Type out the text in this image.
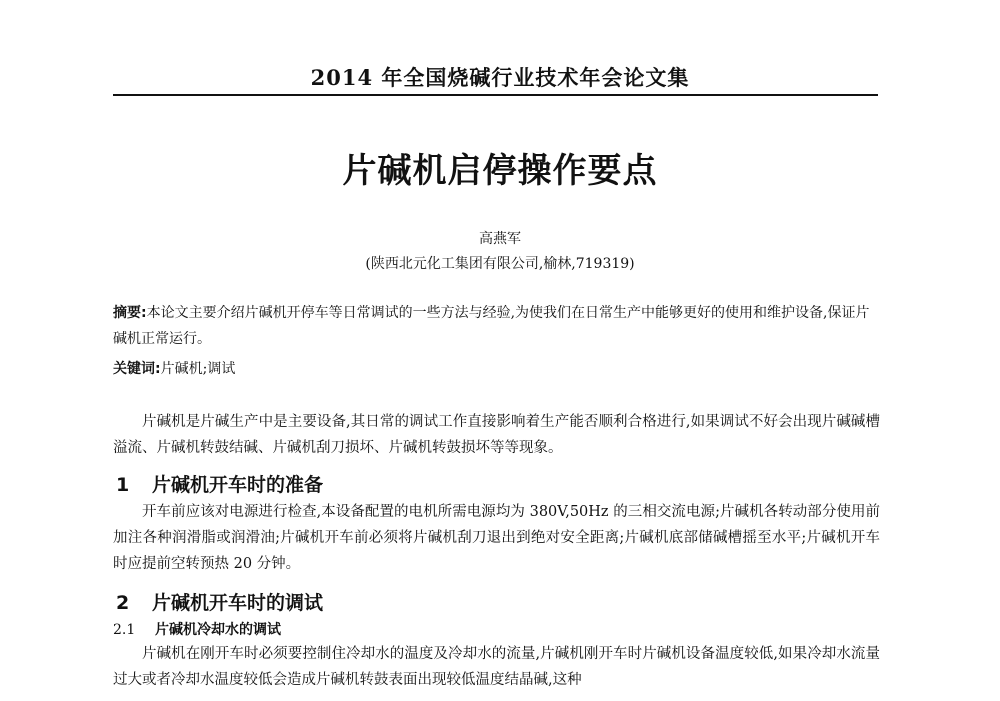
2014 年全国烧碱行业技术年会论文集
片碱机启停操作要点
高燕军
(陕西北元化工集团有限公司,榆林,719319)
摘要:本论文主要介绍片碱机开停车等日常调试的一些方法与经验,为使我们在日常生产中能够更好的使用和维护设备,保证片碱机正常运行。
关键词:片碱机;调试

片碱机是片碱生产中是主要设备,其日常的调试工作直接影响着生产能否顺利合格进行,如果调试不好会出现片碱碱槽溢流、片碱机转鼓结碱、片碱机刮刀损坏、片碱机转鼓损坏等等现象。

1 片碱机开车时的准备

开车前应该对电源进行检查,本设备配置的电机所需电源均为 380V,50Hz 的三相交流电源;片碱机各转动部分使用前加注各种润滑脂或润滑油;片碱机开车前必须将片碱机刮刀退出到绝对安全距离;片碱机底部储碱槽摇至水平;片碱机开车时应提前空转预热 20 分钟。

2 片碱机开车时的调试
2.1 片碱机冷却水的调试

片碱机在刚开车时必须要控制住冷却水的温度及冷却水的流量,片碱机刚开车时片碱机设备温度较低,如果冷却水流量过大或者冷却水温度较低会造成片碱机转鼓表面出现较低温度结晶碱,这种
